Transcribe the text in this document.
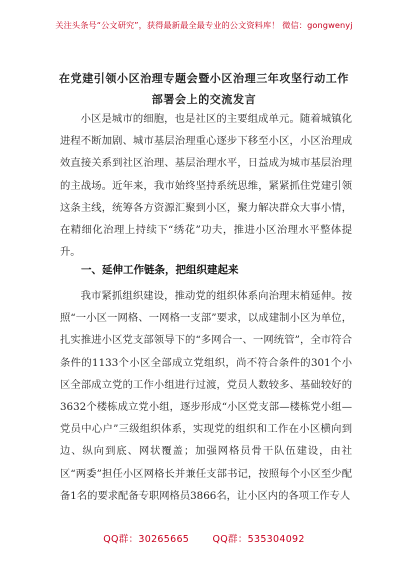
关注头条号“公文研究”，获得最新最全最专业的公文资料库！ 微信：gongwenyj
在党建引领小区治理专题会暨小区治理三年攻坚行动工作
部署会上的交流发言
小区是城市的细胞，也是社区的主要组成单元。随着城镇化进程不断加剧、城市基层治理重心逐步下移至小区，小区治理成效直接关系到社区治理、基层治理水平，日益成为城市基层治理的主战场。近年来，我市始终坚持系统思维，紧紧抓住党建引领这条主线，统筹各方资源汇聚到小区，聚力解决群众大事小情，在精细化治理上持续下“绣花”功夫，推进小区治理水平整体提升。
一、延伸工作链条，把组织建起来
我市紧抓组织建设，推动党的组织体系向治理末梢延伸。按照“一小区一网格、一网格一支部”要求，以成建制小区为单位，扎实推进小区党支部领导下的“多网合一、一网统管”，全市符合条件的1133个小区全部成立党组织，尚不符合条件的301个小区全部成立党的工作小组进行过渡，党员人数较多、基础较好的3632个楼栋成立党小组，逐步形成“小区党支部—楼栋党小组—党员中心户”三级组织体系，实现党的组织和工作在小区横向到边、纵向到底、网状覆盖；加强网格员骨干队伍建设，由社区“两委”担任小区网格长并兼任支部书记，按照每个小区至少配备1名的要求配备专职网格员3866名，让小区内的各项工作专人
QQ群：30265665 QQ群：535304092
